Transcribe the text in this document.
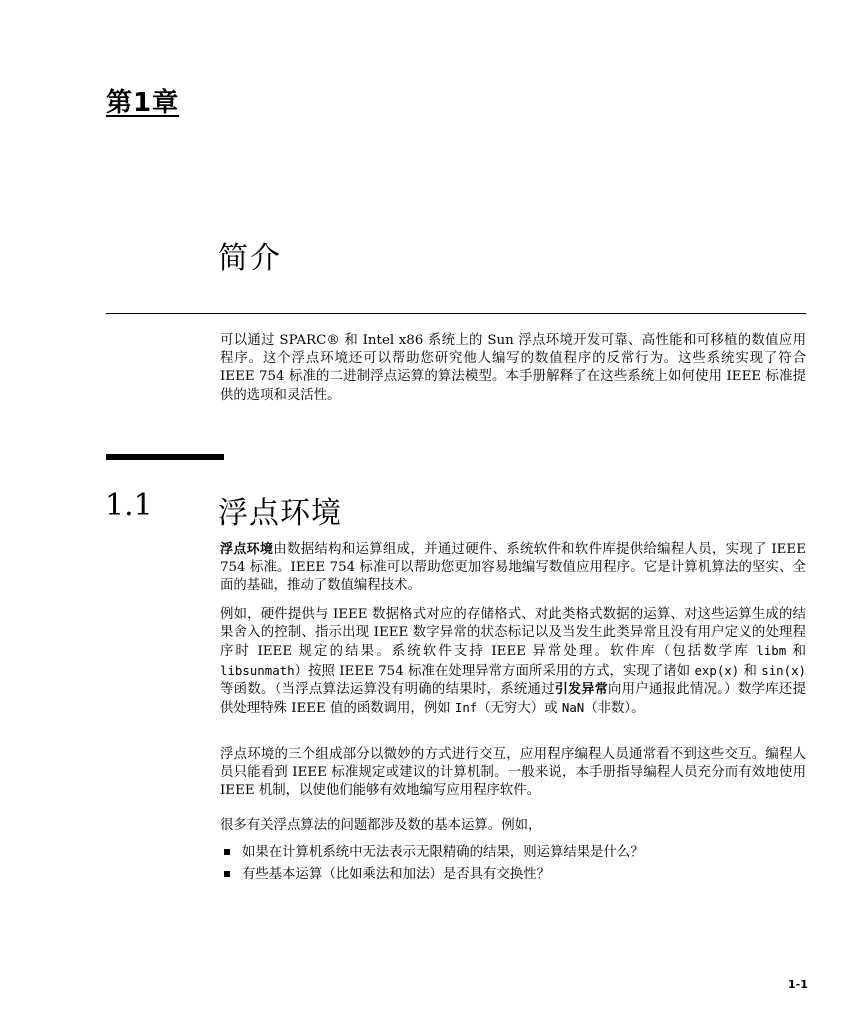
第1章
简介
可以通过 SPARC® 和 Intel x86 系统上的 Sun 浮点环境开发可靠、高性能和可移植的数值应用程序。这个浮点环境还可以帮助您研究他人编写的数值程序的反常行为。这些系统实现了符合 IEEE 754 标准的二进制浮点运算的算法模型。本手册解释了在这些系统上如何使用 IEEE 标准提供的选项和灵活性。
1.1 浮点环境
浮点环境由数据结构和运算组成，并通过硬件、系统软件和软件库提供给编程人员，实现了 IEEE 754 标准。IEEE 754 标准可以帮助您更加容易地编写数值应用程序。它是计算机算法的坚实、全面的基础，推动了数值编程技术。
例如，硬件提供与 IEEE 数据格式对应的存储格式、对此类格式数据的运算、对这些运算生成的结果舍入的控制、指示出现 IEEE 数字异常的状态标记以及当发生此类异常且没有用户定义的处理程序时 IEEE 规定的结果。系统软件支持 IEEE 异常处理。软件库（包括数学库 libm 和 libsunmath）按照 IEEE 754 标准在处理异常方面所采用的方式，实现了诸如 exp(x) 和 sin(x) 等函数。（当浮点算法运算没有明确的结果时，系统通过引发异常向用户通报此情况。）数学库还提供处理特殊 IEEE 值的函数调用，例如 Inf（无穷大）或 NaN（非数）。
浮点环境的三个组成部分以微妙的方式进行交互，应用程序编程人员通常看不到这些交互。编程人员只能看到 IEEE 标准规定或建议的计算机制。一般来说，本手册指导编程人员充分而有效地使用 IEEE 机制，以使他们能够有效地编写应用程序软件。
很多有关浮点算法的问题都涉及数的基本运算。例如，
如果在计算机系统中无法表示无限精确的结果，则运算结果是什么？
有些基本运算（比如乘法和加法）是否具有交换性？
1-1
